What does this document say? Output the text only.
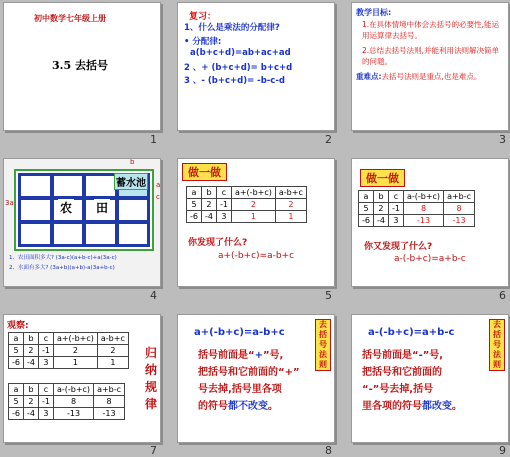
初中数学七年级上册
3.5 去括号
1
复习：
1、什么是乘法的分配律?
• 分配律:
a(b+c+d)=ab+ac+ad
2 、+ (b+c+d)= b+c+d
3 、- (b+c+d)= -b-c-d
2
教学目标:
1.在具体情境中体会去括号的必要性,能运用运算律去括号。
2.总结去括号法则,并能利用法则解决简单的问题。
重难点:去括号法则是重点,也是难点。
3
蓄水池
农 田
b
3a
a
c
1、农田面积多大? (3a-c)(a+b-c)+a(3a-c)
2、水面有多大? (3a+b)(a+b)-a(3a+b-c)
4
做一做
a	b	c	a+(-b+c)	a-b+c
5	2	-1	2	2
-6	-4	3	1	1
你发现了什么?
a+(-b+c)=a-b+c
5
做一做
a	b	c	a-(-b+c)	a+b-c
5	2	-1	8	8
-6	-4	3	-13	-13
你又发现了什么?
a-(-b+c)=a+b-c
6
观察:
a	b	c	a+(-b+c)	a-b+c
5	2	-1	2	2
-6	-4	3	1	1
a	b	c	a-(-b+c)	a+b-c
5	2	-1	8	8
-6	-4	3	-13	-13
归纳规律
7
a+(-b+c)=a-b+c
去括号法则
括号前面是“+”号,
把括号和它前面的“+”
号去掉,括号里各项
的符号都不改变。
8
a-(-b+c)=a+b-c
去括号法则
括号前面是“-”号,
把括号和它前面的
“-”号去掉,括号
里各项的符号都改变。
9
